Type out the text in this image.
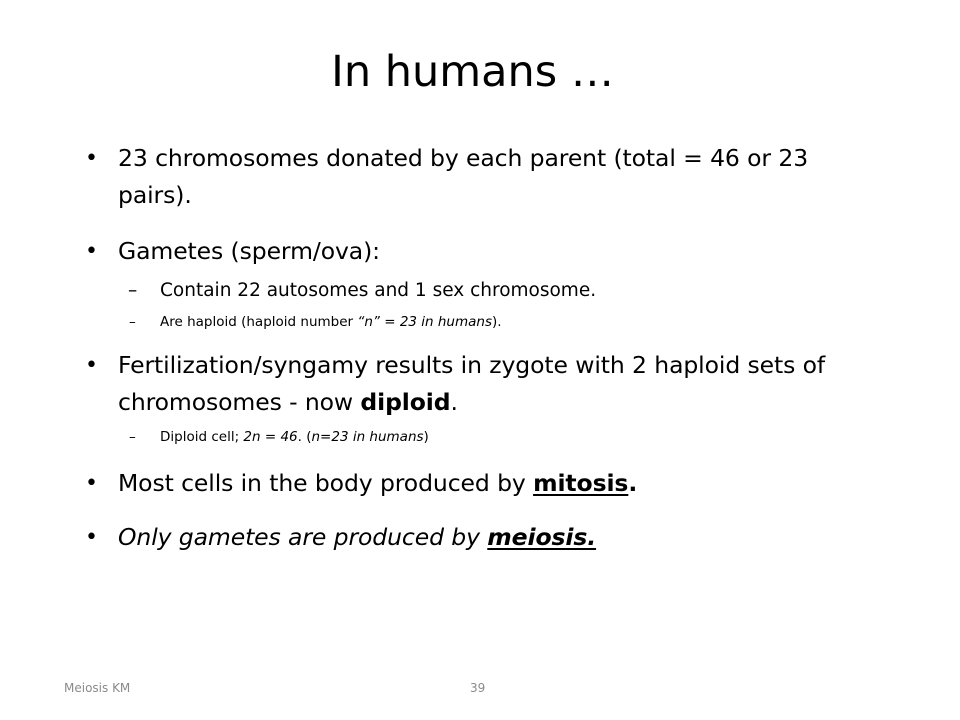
In humans …
• 23 chromosomes donated by each parent (total = 46 or 23 pairs).
• Gametes (sperm/ova):
– Contain 22 autosomes and 1 sex chromosome.
– Are haploid (haploid number “n” = 23 in humans).
• Fertilization/syngamy results in zygote with 2 haploid sets of chromosomes - now diploid.
– Diploid cell; 2n = 46. (n=23 in humans)
• Most cells in the body produced by mitosis.
• Only gametes are produced by meiosis.
Meiosis KM	39
